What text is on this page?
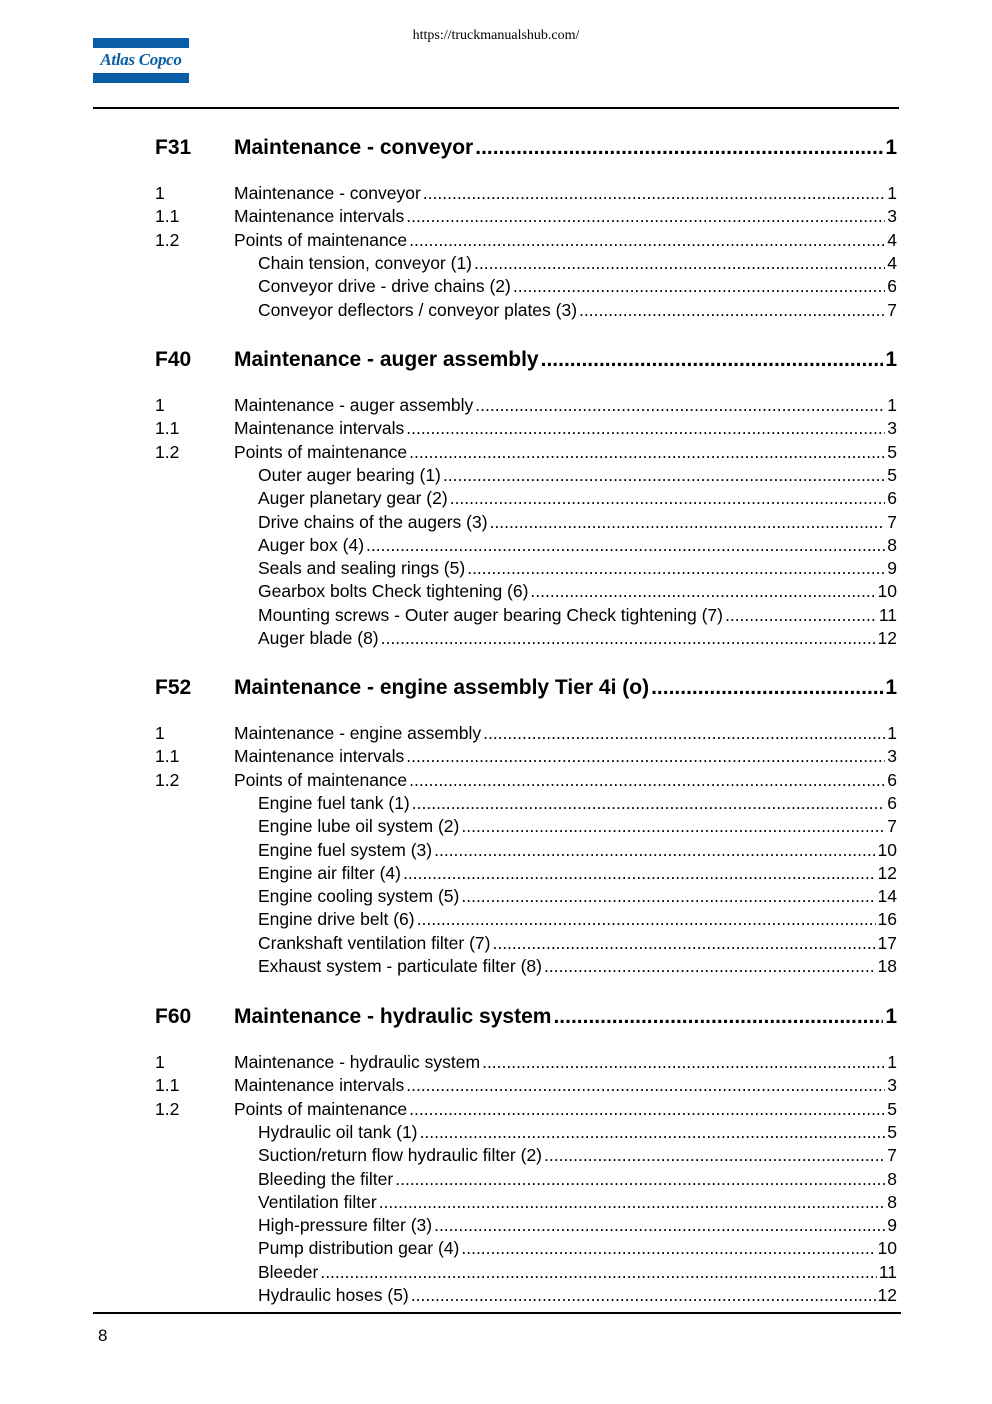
https://truckmanualshub.com/
Atlas Copco
F31 Maintenance - conveyor .....	1
1	Maintenance - conveyor .....	1
1.1	Maintenance intervals .....	3
1.2	Points of maintenance .....	4
Chain tension, conveyor (1) .....	4
Conveyor drive - drive chains (2) .....	6
Conveyor deflectors / conveyor plates (3) .....	7
F40 Maintenance - auger assembly .....	1
1	Maintenance - auger assembly .....	1
1.1	Maintenance intervals .....	3
1.2	Points of maintenance .....	5
Outer auger bearing (1) .....	5
Auger planetary gear (2) .....	6
Drive chains of the augers (3) .....	7
Auger box (4) .....	8
Seals and sealing rings (5) .....	9
Gearbox bolts Check tightening (6) .....	10
Mounting screws - Outer auger bearing Check tightening (7) .....	11
Auger blade (8) .....	12
F52 Maintenance - engine assembly Tier 4i (o) .....	1
1	Maintenance - engine assembly .....	1
1.1	Maintenance intervals .....	3
1.2	Points of maintenance .....	6
Engine fuel tank (1) .....	6
Engine lube oil system (2) .....	7
Engine fuel system (3) .....	10
Engine air filter (4) .....	12
Engine cooling system (5) .....	14
Engine drive belt (6) .....	16
Crankshaft ventilation filter (7) .....	17
Exhaust system - particulate filter (8) .....	18
F60 Maintenance - hydraulic system .....	1
1	Maintenance - hydraulic system .....	1
1.1	Maintenance intervals .....	3
1.2	Points of maintenance .....	5
Hydraulic oil tank (1) .....	5
Suction/return flow hydraulic filter (2) .....	7
Bleeding the filter .....	8
Ventilation filter .....	8
High-pressure filter (3) .....	9
Pump distribution gear (4) .....	10
Bleeder .....	11
Hydraulic hoses (5) .....	12
8
